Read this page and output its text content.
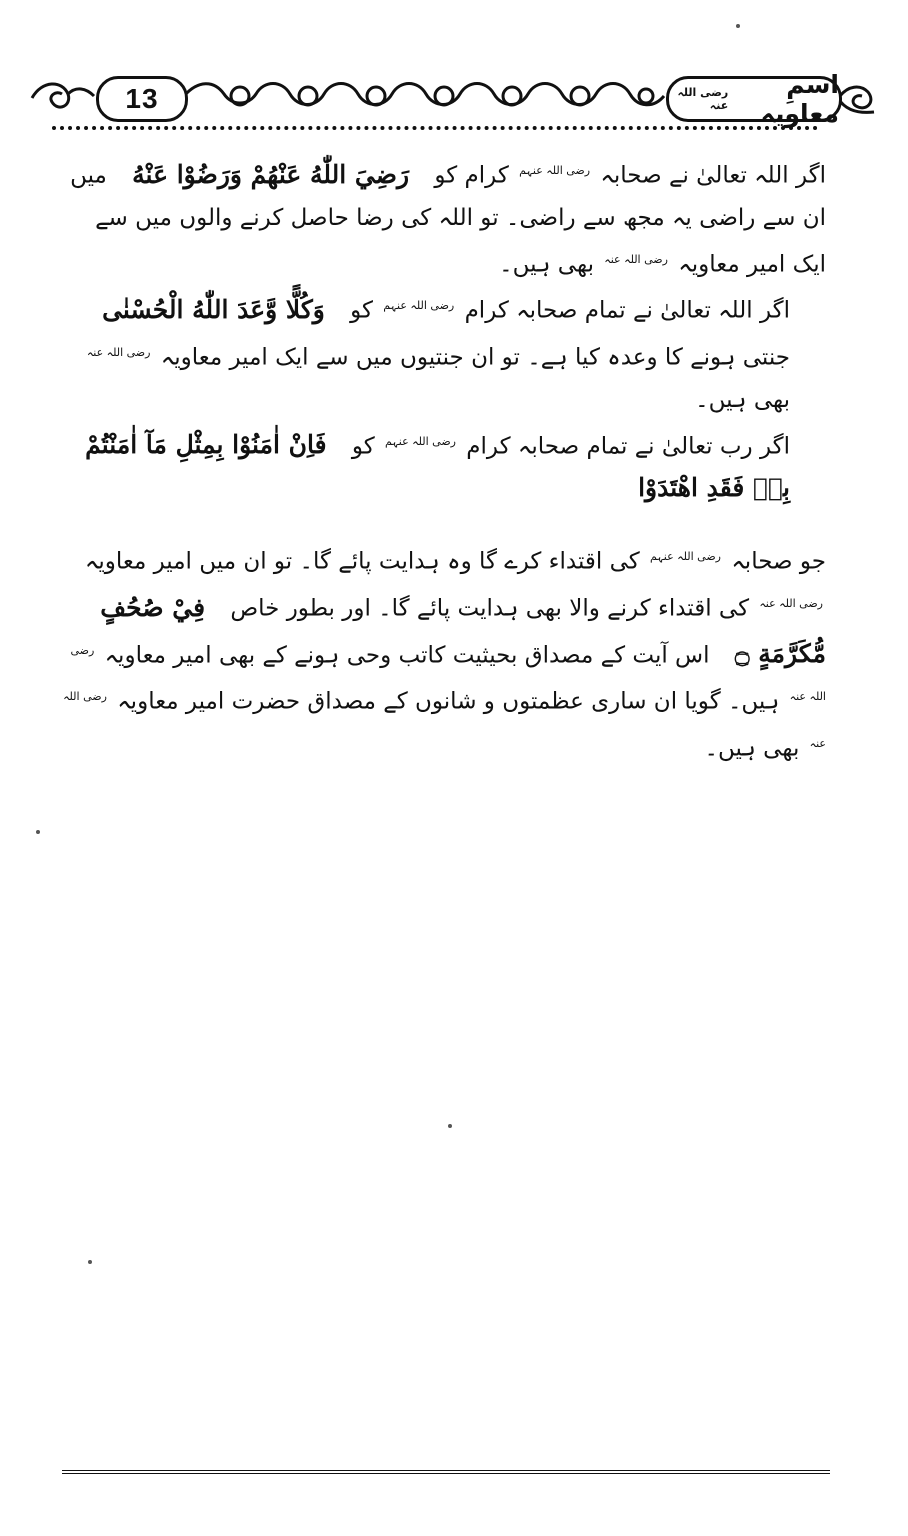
13	اسمِ معاویہ
رضی اللہ عنہ

اگر اللہ تعالیٰ نے صحابہ $^{رضی اللہ عنہم}$ کرام کو رَضِيَ اللّٰهُ عَنْهُمْ وَرَضُوْا عَنْهُ میں ان سے راضی یہ مجھ سے راضی۔ تو اللہ کی رضا حاصل کرنے والوں میں سے ایک امیر معاویہ $^{رضی اللہ عنہ}$ بھی ہیں۔

اگر اللہ تعالیٰ نے تمام صحابہ کرام $^{رضی اللہ عنہم}$ کو وَكُلًّا وَّعَدَ اللّٰهُ الْحُسْنٰى جنتی ہونے کا وعدہ کیا ہے۔ تو ان جنتیوں میں سے ایک امیر معاویہ $^{رضی اللہ عنہ}$ بھی ہیں۔

اگر رب تعالیٰ نے تمام صحابہ کرام $^{رضی اللہ عنہم}$ کو فَاِنْ اٰمَنُوْا بِمِثْلِ مَآ اٰمَنْتُمْ بِهٖ فَقَدِ اهْتَدَوْا

جو صحابہ $^{رضی اللہ عنہم}$ کی اقتداء کرے گا وہ ہدایت پائے گا۔ تو ان میں امیر معاویہ $^{رضی اللہ عنہ}$ کی اقتداء کرنے والا بھی ہدایت پائے گا۔ اور بطور خاص فِيْ صُحُفٍ مُّكَرَّمَةٍ ۝ اس آیت کے مصداق بحیثیت کاتب وحی ہونے کے بھی امیر معاویہ $^{رضی اللہ عنہ}$ ہیں۔ گویا ان ساری عظمتوں و شانوں کے مصداق حضرت امیر معاویہ $^{رضی اللہ عنہ}$ بھی ہیں۔
